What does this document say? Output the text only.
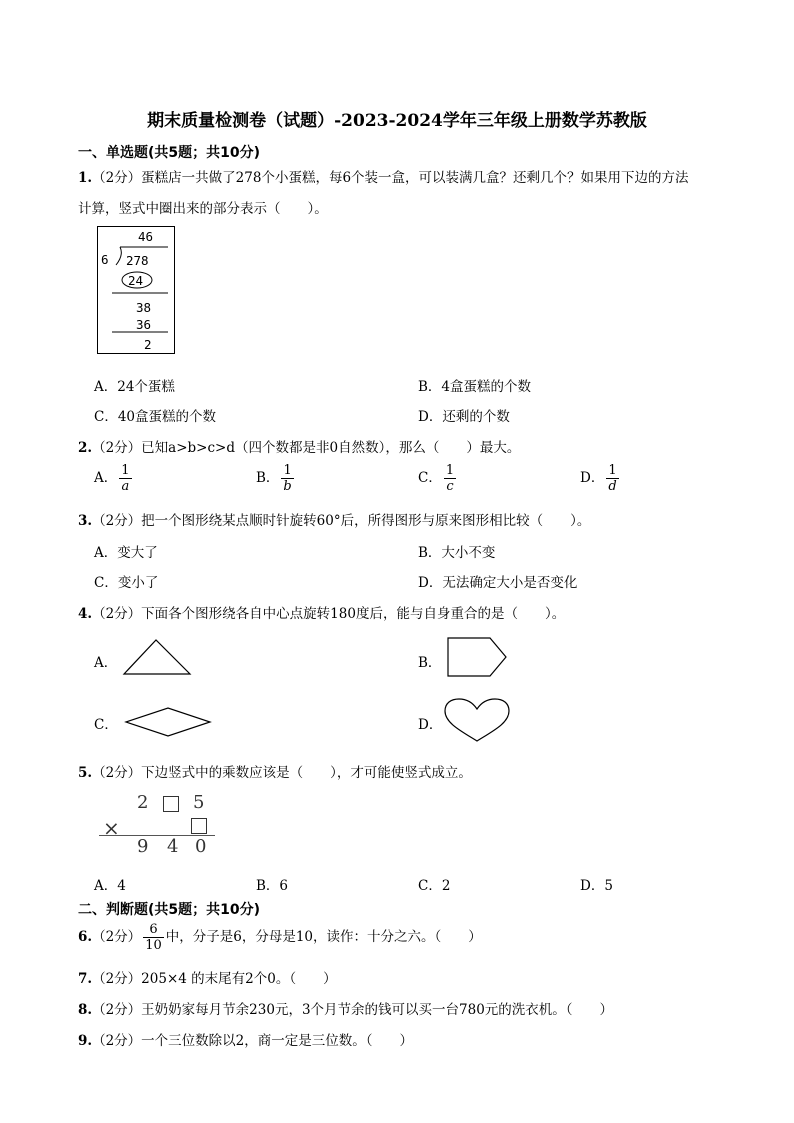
期末质量检测卷（试题）-2023-2024学年三年级上册数学苏教版
一、单选题(共5题；共10分)
1.（2分）蛋糕店一共做了278个小蛋糕，每6个装一盒，可以装满几盒？还剩几个？如果用下边的方法
计算，竖式中圈出来的部分表示（　　）。
46
6 278
24
38
36
2
A．24个蛋糕	B．4盒蛋糕的个数
C．40盒蛋糕的个数	D．还剩的个数
2.（2分）已知a>b>c>d（四个数都是非0自然数），那么（　　）最大。
A． $\frac{1}{a}$	B． $\frac{1}{b}$	C． $\frac{1}{c}$	D． $\frac{1}{d}$
3.（2分）把一个图形绕某点顺时针旋转60°后，所得图形与原来图形相比较（　　）。
A．变大了	B．大小不变
C．变小了	D．无法确定大小是否变化
4.（2分）下面各个图形绕各自中心点旋转180度后，能与自身重合的是（　　）。
A．	B．
C．	D．
5.（2分）下边竖式中的乘数应该是（　　），才可能使竖式成立。
2 5
×
9 4 0
A．4	B．6	C．2	D．5
二、判断题(共5题；共10分)
6.（2分） $\frac{6}{10}$ 中，分子是6，分母是10，读作：十分之六。（　　）
7.（2分）205×4 的末尾有2个0。（　　）
8.（2分）王奶奶家每月节余230元，3个月节余的钱可以买一台780元的洗衣机。（　　）
9.（2分）一个三位数除以2，商一定是三位数。（　　）
